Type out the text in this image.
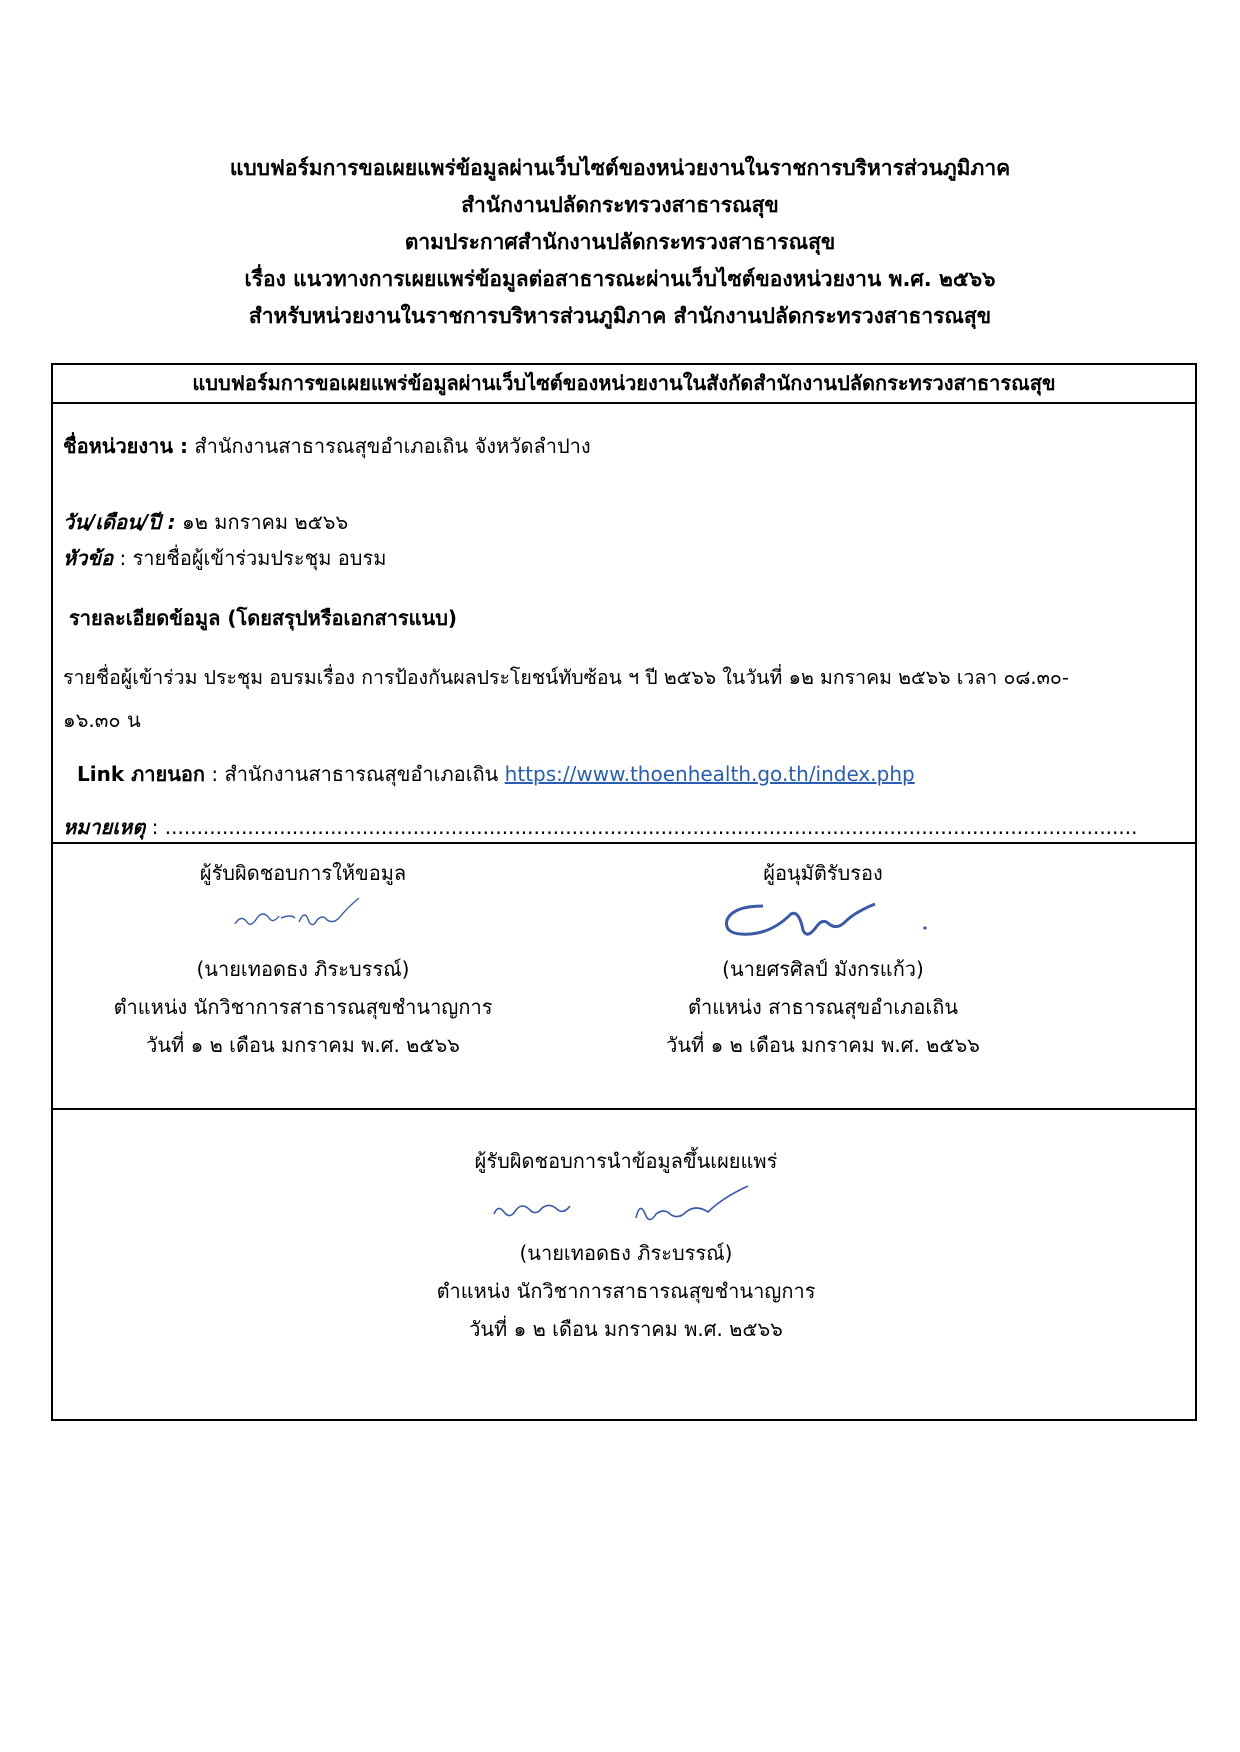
แบบฟอร์มการขอเผยแพร่ข้อมูลผ่านเว็บไซต์ของหน่วยงานในราชการบริหารส่วนภูมิภาค
สำนักงานปลัดกระทรวงสาธารณสุข
ตามประกาศสำนักงานปลัดกระทรวงสาธารณสุข
เรื่อง แนวทางการเผยแพร่ข้อมูลต่อสาธารณะผ่านเว็บไซต์ของหน่วยงาน พ.ศ. ๒๕๖๖
สำหรับหน่วยงานในราชการบริหารส่วนภูมิภาค สำนักงานปลัดกระทรวงสาธารณสุข
แบบฟอร์มการขอเผยแพร่ข้อมูลผ่านเว็บไซต์ของหน่วยงานในสังกัดสำนักงานปลัดกระทรวงสาธารณสุข
ชื่อหน่วยงาน : สำนักงานสาธารณสุขอำเภอเถิน จังหวัดลำปาง
วัน/เดือน/ปี : ๑๒ มกราคม ๒๕๖๖
หัวข้อ : รายชื่อผู้เข้าร่วมประชุม อบรม
รายละเอียดข้อมูล (โดยสรุปหรือเอกสารแนบ)
รายชื่อผู้เข้าร่วม ประชุม อบรมเรื่อง การป้องกันผลประโยชน์ทับซ้อน ฯ ปี ๒๕๖๖ ในวันที่ ๑๒ มกราคม ๒๕๖๖ เวลา ๐๘.๓๐-
๑๖.๓๐ น
Link ภายนอก : สำนักงานสาธารณสุขอำเภอเถิน https://www.thoenhealth.go.th/index.php
หมายเหตุ : .........................................................................................................................................................
ผู้รับผิดชอบการให้ขอมูล
(นายเทอดธง ภิระบรรณ์)
ตำแหน่ง นักวิชาการสาธารณสุขชำนาญการ
วันที่ ๑ ๒ เดือน มกราคม พ.ศ. ๒๕๖๖
ผู้อนุมัติรับรอง
(นายศรศิลป์ มังกรแก้ว)
ตำแหน่ง สาธารณสุขอำเภอเถิน
วันที่ ๑ ๒ เดือน มกราคม พ.ศ. ๒๕๖๖
ผู้รับผิดชอบการนำข้อมูลขึ้นเผยแพร่
(นายเทอดธง ภิระบรรณ์)
ตำแหน่ง นักวิชาการสาธารณสุขชำนาญการ
วันที่ ๑ ๒ เดือน มกราคม พ.ศ. ๒๕๖๖
